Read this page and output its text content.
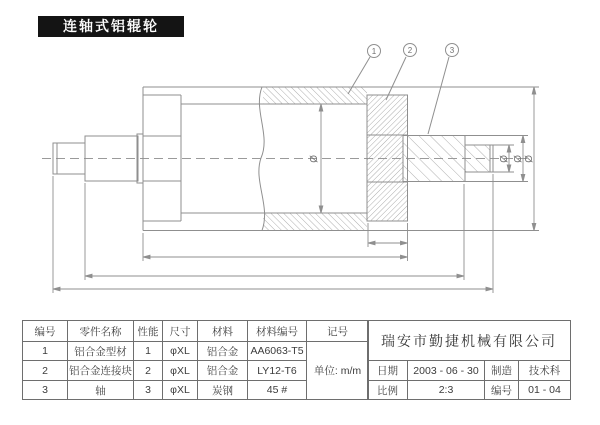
连轴式铝辊轮
Ø	Ø Ø Ø
1	2	3
编号	零件名称	性能	尺寸	材料	材料编号	记号
1	铝合金型材	1	φXL	铝合金	AA6063-T5	单位: m/m
2	铝合金连接块	2	φXL	铝合金	LY12-T6	
3	轴	3	φXL	炭钢	45 #	
瑞安市勤捷机械有限公司			
日期	2003 - 06 - 30	制造	技术科
比例	2:3	编号	01 - 04
